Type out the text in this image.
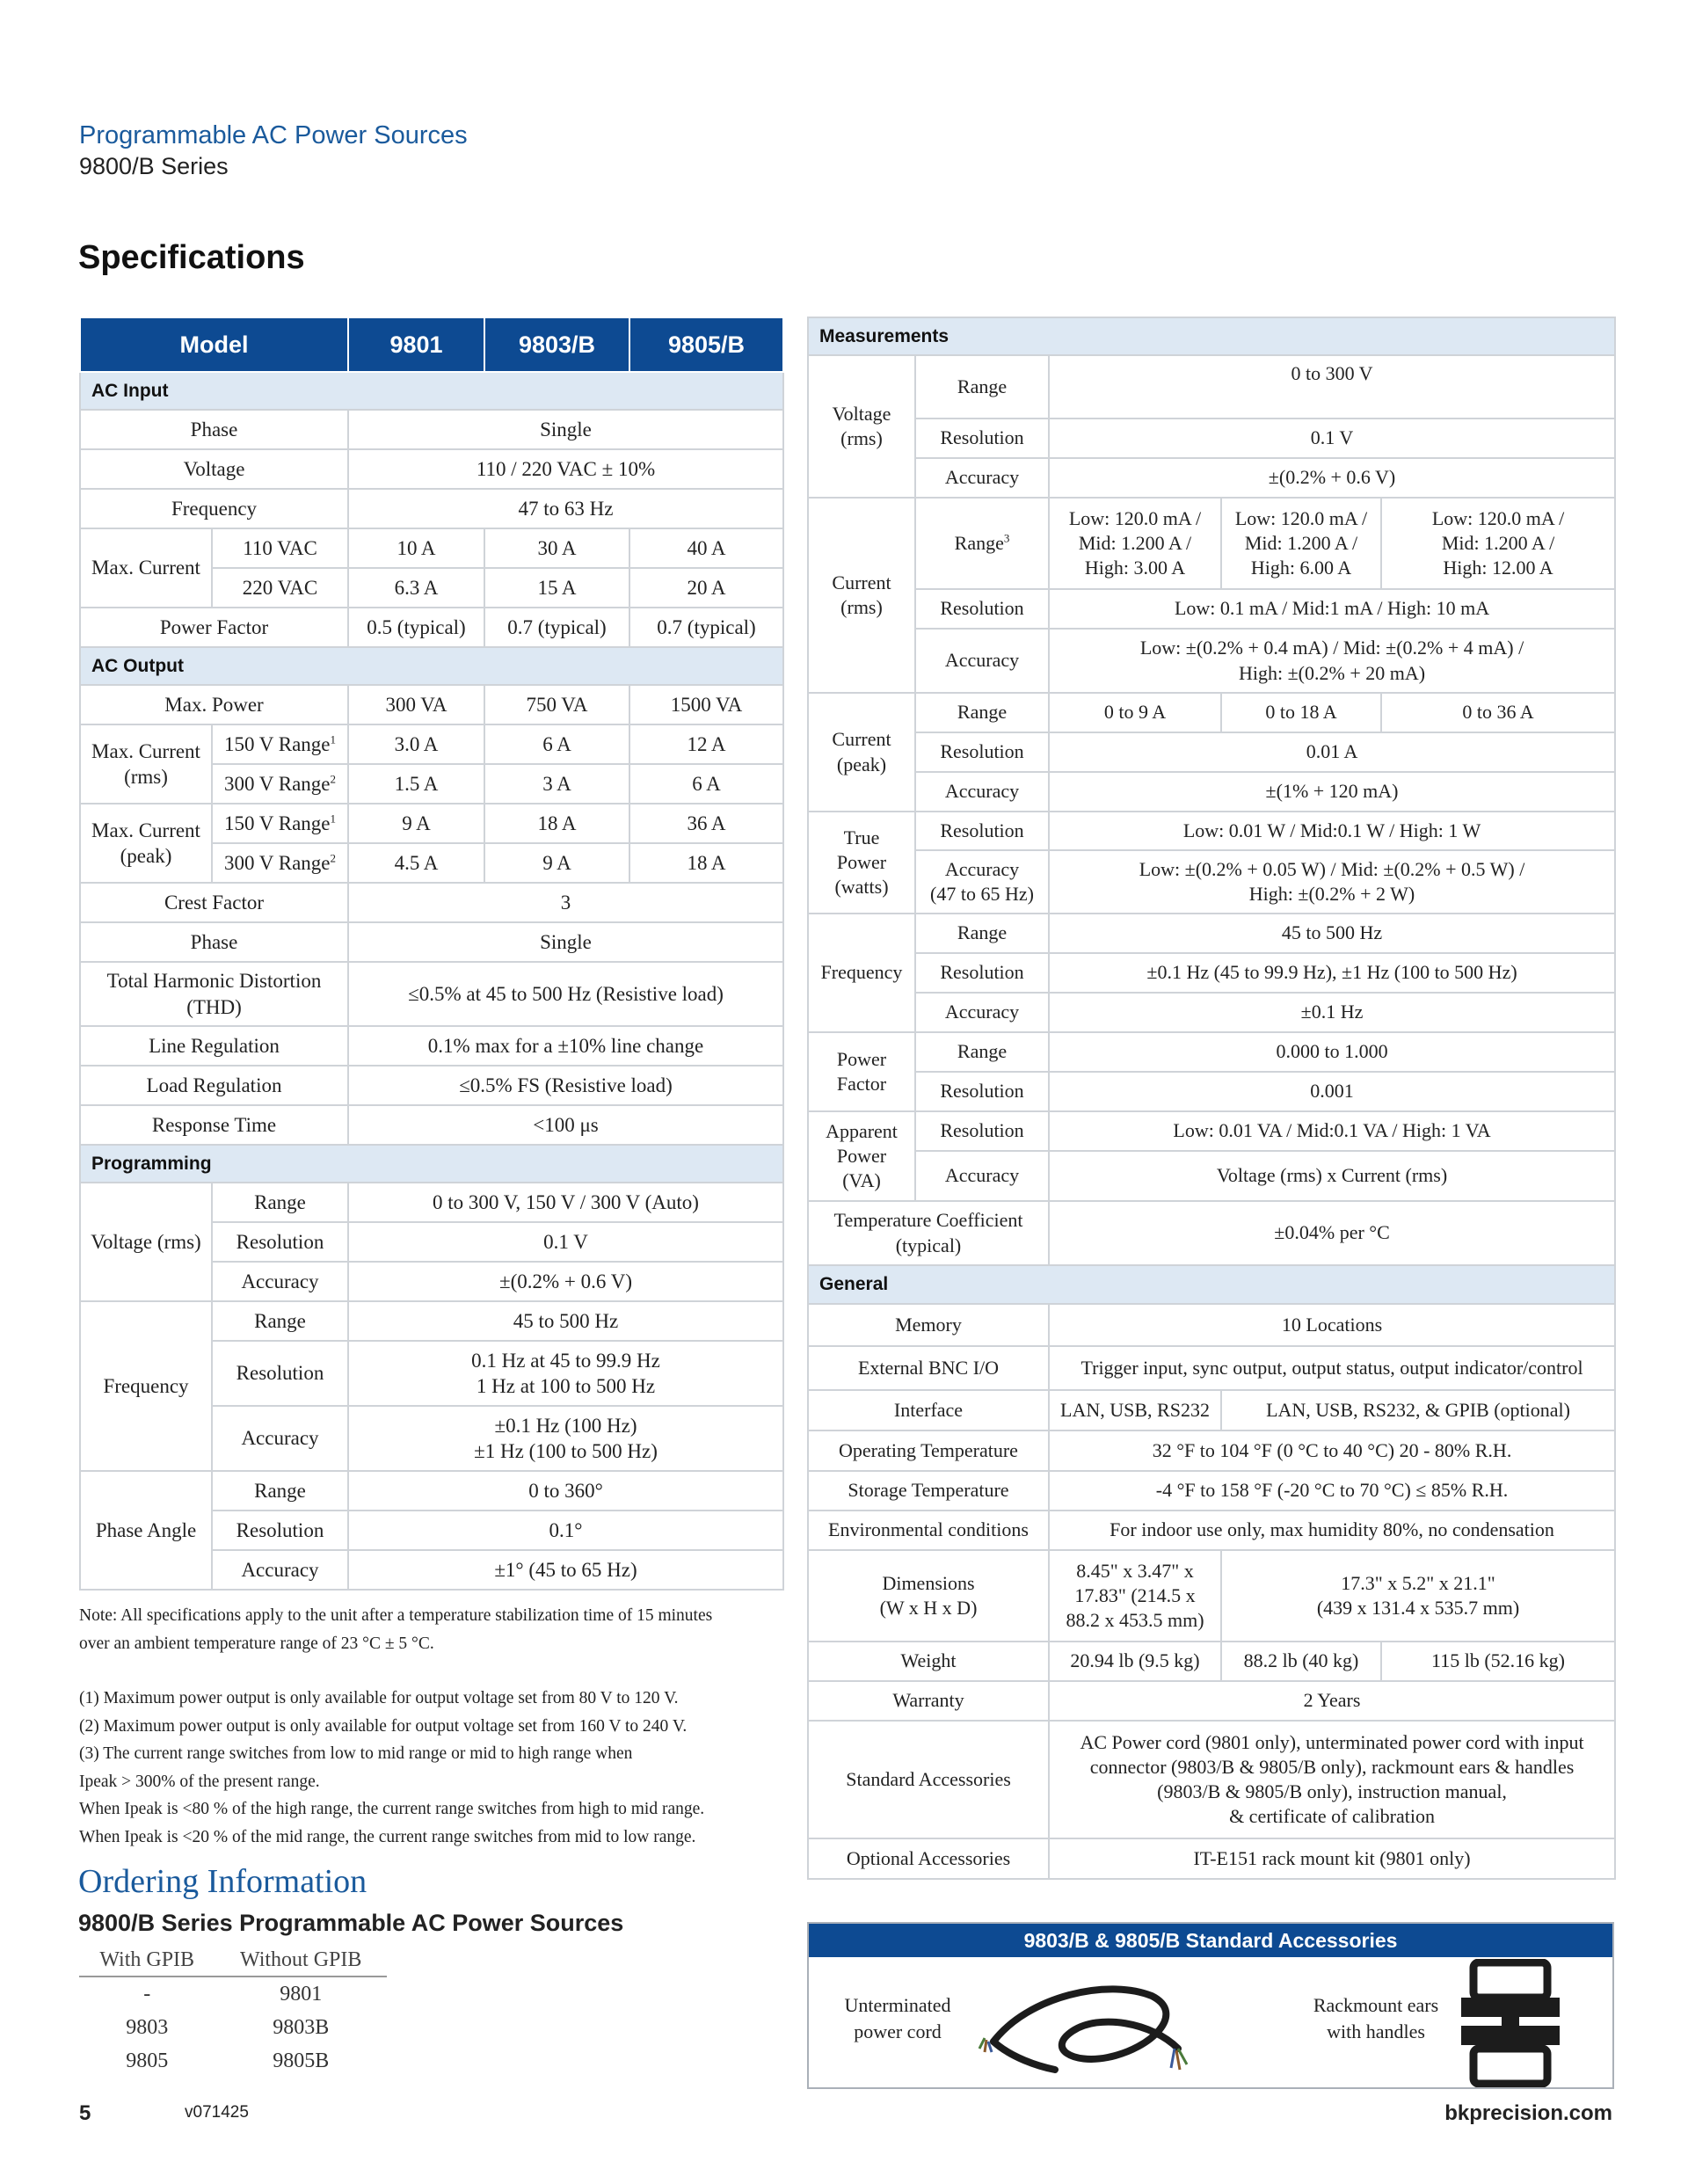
Programmable AC Power Sources
9800/B Series
Specifications
Model		9801	9803/B	9805/B
AC Input				
Phase		Single		
Voltage		110 / 220 VAC ± 10%		
Frequency		47 to 63 Hz		
Max. Current	110 VAC	10 A	30 A	40 A
	220 VAC	6.3 A	15 A	20 A
Power Factor		0.5 (typical)	0.7 (typical)	0.7 (typical)
AC Output				
Max. Power		300 VA	750 VA	1500 VA
Max. Current
(rms)	150 V Range$^1$	3.0 A	6 A	12 A
	300 V Range$^2$	1.5 A	3 A	6 A
Max. Current
(peak)	150 V Range$^1$	9 A	18 A	36 A
	300 V Range$^2$	4.5 A	9 A	18 A
Crest Factor		3		
Phase		Single		
Total Harmonic Distortion
(THD)		≤0.5% at 45 to 500 Hz (Resistive load)		
Line Regulation		0.1% max for a ±10% line change		
Load Regulation		≤0.5% FS (Resistive load)		
Response Time		<100 μs		
Programming				
Voltage (rms)	Range	0 to 300 V, 150 V / 300 V (Auto)		
	Resolution	0.1 V		
	Accuracy	±(0.2% + 0.6 V)		
Frequency	Range	45 to 500 Hz		
	Resolution	0.1 Hz at 45 to 99.9 Hz
1 Hz at 100 to 500 Hz		
	Accuracy	±0.1 Hz (100 Hz)
±1 Hz (100 to 500 Hz)		
Phase Angle	Range	0 to 360°		
	Resolution	0.1°		
	Accuracy	±1° (45 to 65 Hz)		
Measurements				
Voltage
(rms)	Range	0 to 300 V		
	Resolution	0.1 V		
	Accuracy	±(0.2% + 0.6 V)		
Current
(rms)	Range$^3$	Low: 120.0 mA /
Mid: 1.200 A /
High: 3.00 A	Low: 120.0 mA /
Mid: 1.200 A /
High: 6.00 A	Low: 120.0 mA /
Mid: 1.200 A /
High: 12.00 A
	Resolution	Low: 0.1 mA / Mid:1 mA / High: 10 mA		
	Accuracy	Low: ±(0.2% + 0.4 mA) / Mid: ±(0.2% + 4 mA) /
High: ±(0.2% + 20 mA)		
Current
(peak)	Range	0 to 9 A	0 to 18 A	0 to 36 A
	Resolution	0.01 A		
	Accuracy	±(1% + 120 mA)		
True
Power
(watts)	Resolution	Low: 0.01 W / Mid:0.1 W / High: 1 W		
	Accuracy
(47 to 65 Hz)	Low: ±(0.2% + 0.05 W) / Mid: ±(0.2% + 0.5 W) /
High: ±(0.2% + 2 W)		
Frequency	Range	45 to 500 Hz		
	Resolution	±0.1 Hz (45 to 99.9 Hz), ±1 Hz (100 to 500 Hz)		
	Accuracy	±0.1 Hz		
Power
Factor	Range	0.000 to 1.000		
	Resolution	0.001		
Apparent
Power
(VA)	Resolution	Low: 0.01 VA / Mid:0.1 VA / High: 1 VA		
	Accuracy	Voltage (rms) x Current (rms)		
Temperature Coefficient
(typical)		±0.04% per °C		
General				
Memory		10 Locations		
External BNC I/O		Trigger input, sync output, output status, output indicator/control		
Interface		LAN, USB, RS232	LAN, USB, RS232, & GPIB (optional)	
Operating Temperature		32 °F to 104 °F (0 °C to 40 °C) 20 - 80% R.H.		
Storage Temperature		-4 °F to 158 °F (-20 °C to 70 °C) ≤ 85% R.H.		
Environmental conditions		For indoor use only, max humidity 80%, no condensation		
Dimensions
(W x H x D)		8.45" x 3.47" x
17.83" (214.5 x
88.2 x 453.5 mm)	17.3" x 5.2" x 21.1"
(439 x 131.4 x 535.7 mm)	
Weight		20.94 lb (9.5 kg)	88.2 lb (40 kg)	115 lb (52.16 kg)
Warranty		2 Years		
Standard Accessories		AC Power cord (9801 only), unterminated power cord with input
connector (9803/B & 9805/B only), rackmount ears & handles
(9803/B & 9805/B only), instruction manual,
& certificate of calibration		
Optional Accessories		IT-E151 rack mount kit (9801 only)		
Note: All specifications apply to the unit after a temperature stabilization time of 15 minutes
over an ambient temperature range of 23 °C ± 5 °C.
(1) Maximum power output is only available for output voltage set from 80 V to 120 V.
(2) Maximum power output is only available for output voltage set from 160 V to 240 V.
(3) The current range switches from low to mid range or mid to high range when
Ipeak > 300% of the present range.
When Ipeak is <80 % of the high range, the current range switches from high to mid range.
When Ipeak is <20 % of the mid range, the current range switches from mid to low range.
Ordering Information
9800/B Series Programmable AC Power Sources
With GPIB	Without GPIB
-	9801
9803	9803B
9805	9805B
9803/B & 9805/B Standard Accessories
Unterminated
power cord
Rackmount ears
with handles
5	v071425	bkprecision.com
